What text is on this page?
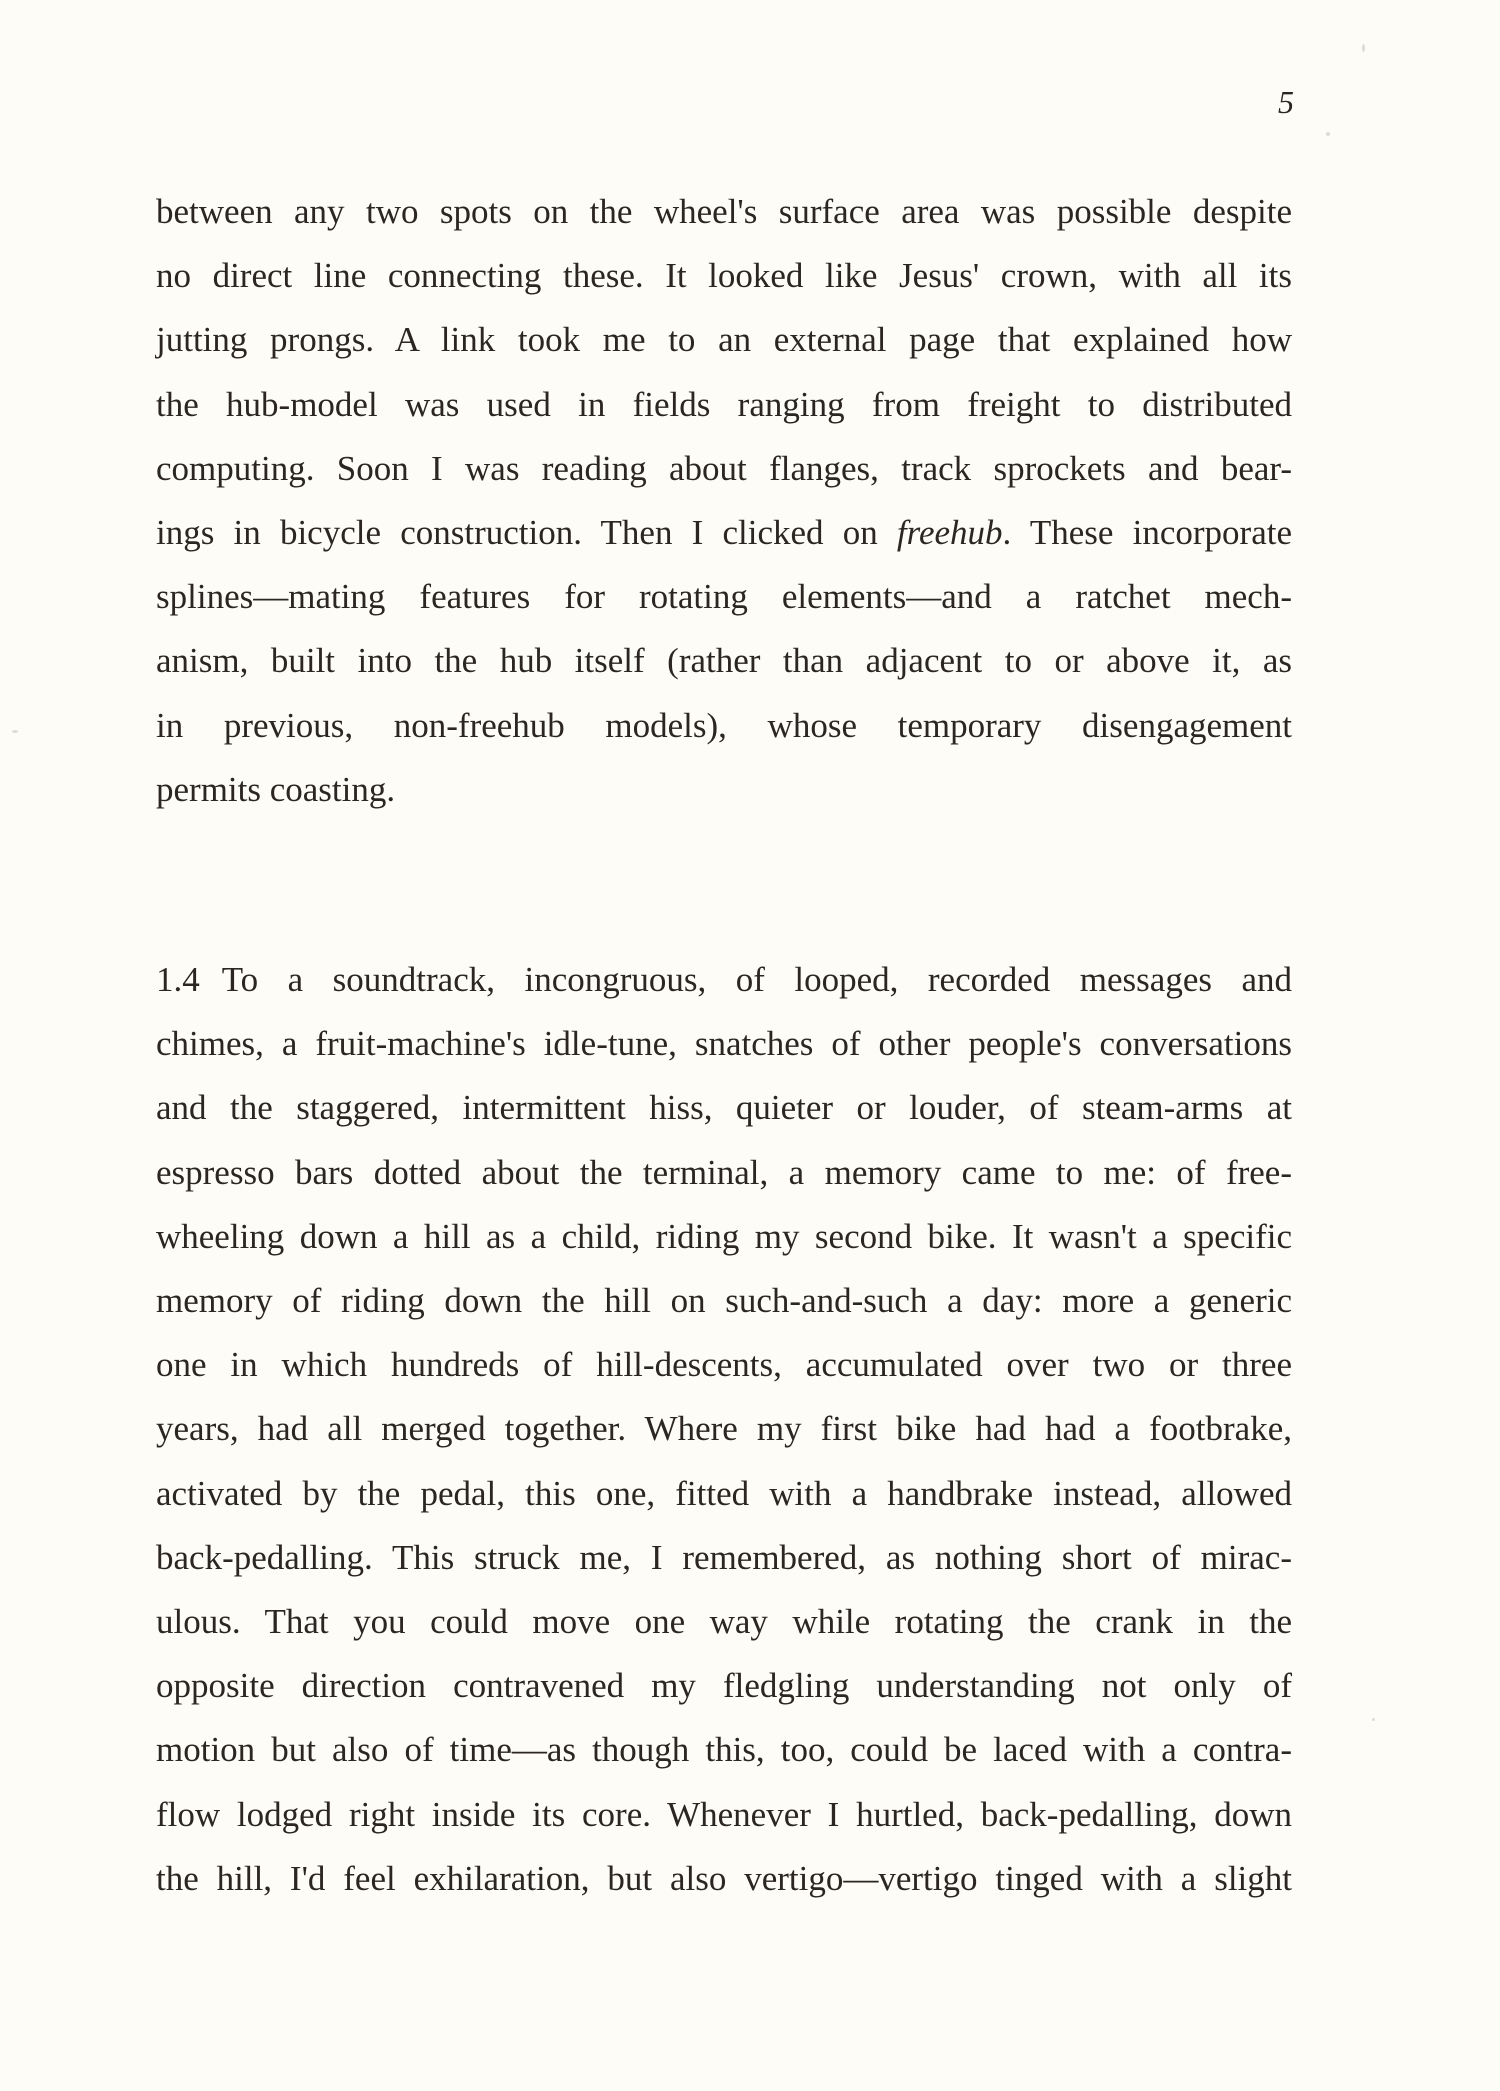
5
between any two spots on the wheel's surface area was possible despite
no direct line connecting these. It looked like Jesus' crown, with all its
jutting prongs. A link took me to an external page that explained how
the hub-model was used in fields ranging from freight to distributed
computing. Soon I was reading about flanges, track sprockets and bear-
ings in bicycle construction. Then I clicked on freehub. These incorporate
splines—mating features for rotating elements—and a ratchet mech-
anism, built into the hub itself (rather than adjacent to or above it, as
in previous, non-freehub models), whose temporary disengagement
permits coasting.
1.4 To a soundtrack, incongruous, of looped, recorded messages and
chimes, a fruit-machine's idle-tune, snatches of other people's conversations
and the staggered, intermittent hiss, quieter or louder, of steam-arms at
espresso bars dotted about the terminal, a memory came to me: of free-
wheeling down a hill as a child, riding my second bike. It wasn't a specific
memory of riding down the hill on such-and-such a day: more a generic
one in which hundreds of hill-descents, accumulated over two or three
years, had all merged together. Where my first bike had had a footbrake,
activated by the pedal, this one, fitted with a handbrake instead, allowed
back-pedalling. This struck me, I remembered, as nothing short of mirac-
ulous. That you could move one way while rotating the crank in the
opposite direction contravened my fledgling understanding not only of
motion but also of time—as though this, too, could be laced with a contra-
flow lodged right inside its core. Whenever I hurtled, back-pedalling, down
the hill, I'd feel exhilaration, but also vertigo—vertigo tinged with a slight
